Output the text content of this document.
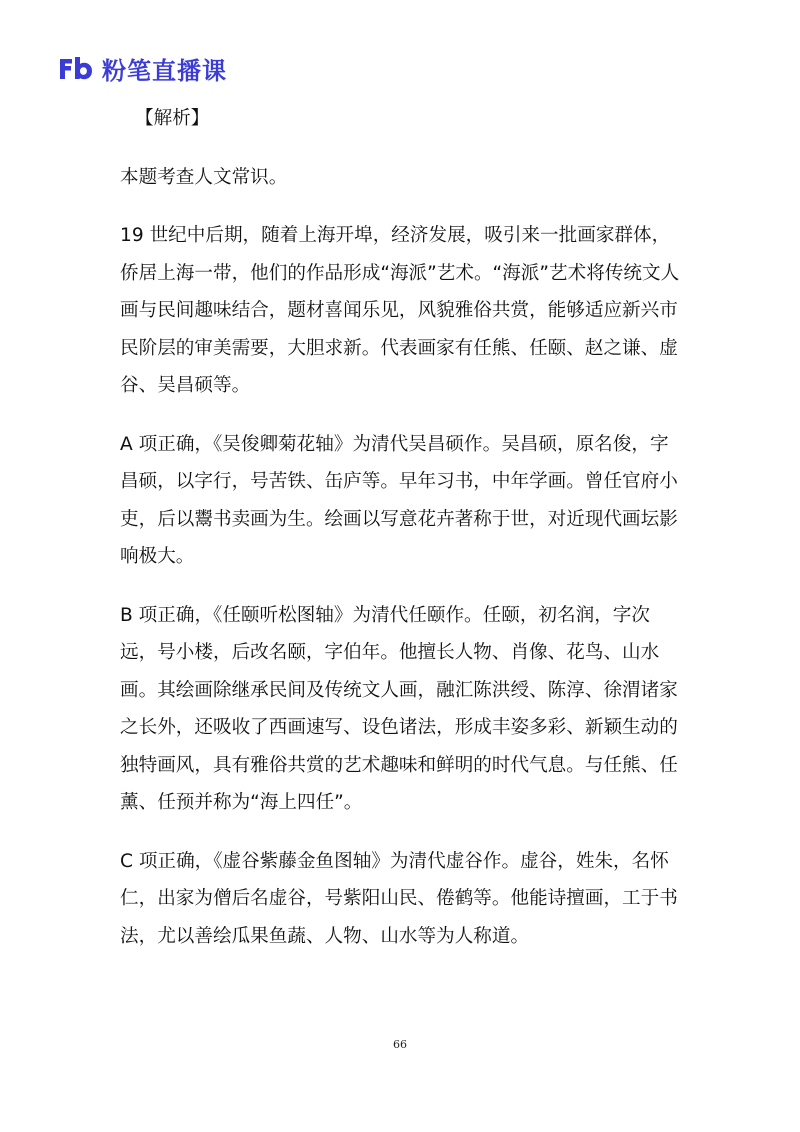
粉笔直播课
【解析】
本题考查人文常识。
19 世纪中后期，随着上海开埠，经济发展，吸引来一批画家群体，侨居上海一带，他们的作品形成“海派”艺术。“海派”艺术将传统文人画与民间趣味结合，题材喜闻乐见，风貌雅俗共赏，能够适应新兴市民阶层的审美需要，大胆求新。代表画家有任熊、任颐、赵之谦、虚谷、吴昌硕等。
A 项正确，《吴俊卿菊花轴》为清代吴昌硕作。吴昌硕，原名俊，字昌硕，以字行，号苦铁、缶庐等。早年习书，中年学画。曾任官府小吏，后以鬻书卖画为生。绘画以写意花卉著称于世，对近现代画坛影响极大。
B 项正确，《任颐听松图轴》为清代任颐作。任颐，初名润，字次远，号小楼，后改名颐，字伯年。他擅长人物、肖像、花鸟、山水画。其绘画除继承民间及传统文人画，融汇陈洪绶、陈淳、徐渭诸家之长外，还吸收了西画速写、设色诸法，形成丰姿多彩、新颖生动的独特画风，具有雅俗共赏的艺术趣味和鲜明的时代气息。与任熊、任薰、任预并称为“海上四任”。
C 项正确，《虚谷紫藤金鱼图轴》为清代虚谷作。虚谷，姓朱，名怀仁，出家为僧后名虚谷，号紫阳山民、倦鹤等。他能诗擅画，工于书法，尤以善绘瓜果鱼蔬、人物、山水等为人称道。
66
